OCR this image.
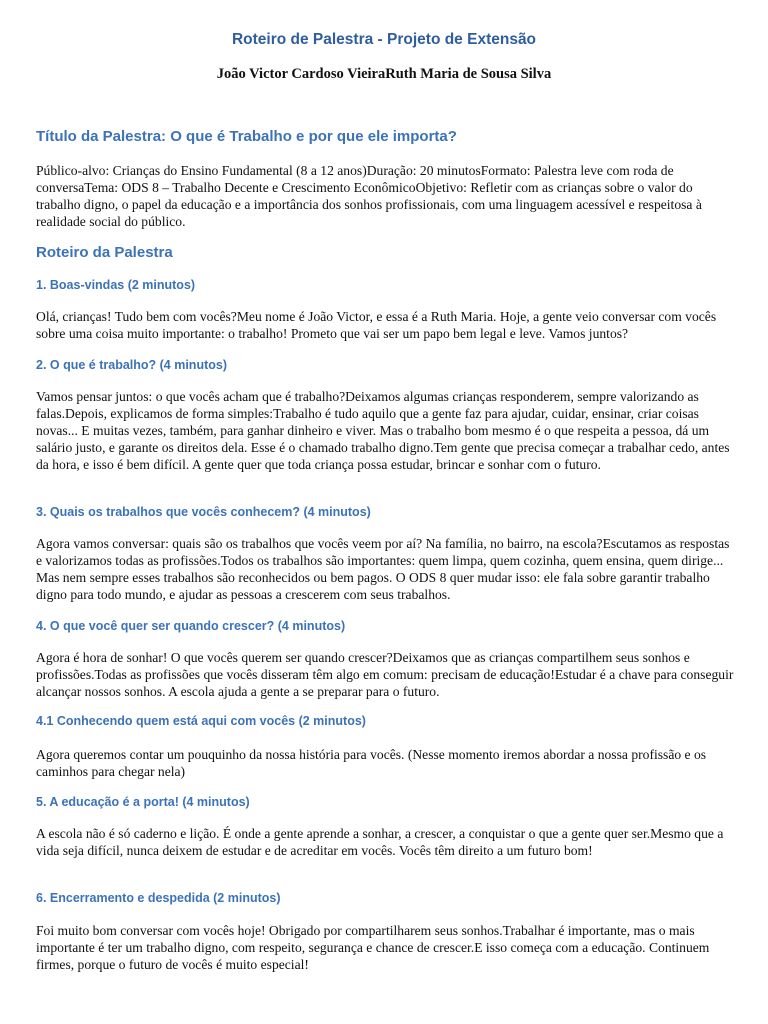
Roteiro de Palestra - Projeto de Extensão
João Victor Cardoso VieiraRuth Maria de Sousa Silva
Título da Palestra: O que é Trabalho e por que ele importa?

Público-alvo: Crianças do Ensino Fundamental (8 a 12 anos)Duração: 20 minutosFormato: Palestra leve com roda de conversaTema: ODS 8 – Trabalho Decente e Crescimento EconômicoObjetivo: Refletir com as crianças sobre o valor do trabalho digno, o papel da educação e a importância dos sonhos profissionais, com uma linguagem acessível e respeitosa à realidade social do público.

Roteiro da Palestra
1. Boas-vindas (2 minutos)

Olá, crianças! Tudo bem com vocês?Meu nome é João Victor, e essa é a Ruth Maria. Hoje, a gente veio conversar com vocês sobre uma coisa muito importante: o trabalho! Prometo que vai ser um papo bem legal e leve. Vamos juntos?

2. O que é trabalho? (4 minutos)

Vamos pensar juntos: o que vocês acham que é trabalho?Deixamos algumas crianças responderem, sempre valorizando as falas.Depois, explicamos de forma simples:Trabalho é tudo aquilo que a gente faz para ajudar, cuidar, ensinar, criar coisas novas... E muitas vezes, também, para ganhar dinheiro e viver. Mas o trabalho bom mesmo é o que respeita a pessoa, dá um salário justo, e garante os direitos dela. Esse é o chamado trabalho digno.Tem gente que precisa começar a trabalhar cedo, antes da hora, e isso é bem difícil. A gente quer que toda criança possa estudar, brincar e sonhar com o futuro.

3. Quais os trabalhos que vocês conhecem? (4 minutos)

Agora vamos conversar: quais são os trabalhos que vocês veem por aí? Na família, no bairro, na escola?Escutamos as respostas e valorizamos todas as profissões.Todos os trabalhos são importantes: quem limpa, quem cozinha, quem ensina, quem dirige... Mas nem sempre esses trabalhos são reconhecidos ou bem pagos. O ODS 8 quer mudar isso: ele fala sobre garantir trabalho digno para todo mundo, e ajudar as pessoas a crescerem com seus trabalhos.

4. O que você quer ser quando crescer? (4 minutos)

Agora é hora de sonhar! O que vocês querem ser quando crescer?Deixamos que as crianças compartilhem seus sonhos e profissões.Todas as profissões que vocês disseram têm algo em comum: precisam de educação!Estudar é a chave para conseguir alcançar nossos sonhos. A escola ajuda a gente a se preparar para o futuro.

4.1 Conhecendo quem está aqui com vocês (2 minutos)

Agora queremos contar um pouquinho da nossa história para vocês. (Nesse momento iremos abordar a nossa profissão e os caminhos para chegar nela)

5. A educação é a porta! (4 minutos)

A escola não é só caderno e lição. É onde a gente aprende a sonhar, a crescer, a conquistar o que a gente quer ser.Mesmo que a vida seja difícil, nunca deixem de estudar e de acreditar em vocês. Vocês têm direito a um futuro bom!

6. Encerramento e despedida (2 minutos)

Foi muito bom conversar com vocês hoje! Obrigado por compartilharem seus sonhos.Trabalhar é importante, mas o mais importante é ter um trabalho digno, com respeito, segurança e chance de crescer.E isso começa com a educação. Continuem firmes, porque o futuro de vocês é muito especial!
